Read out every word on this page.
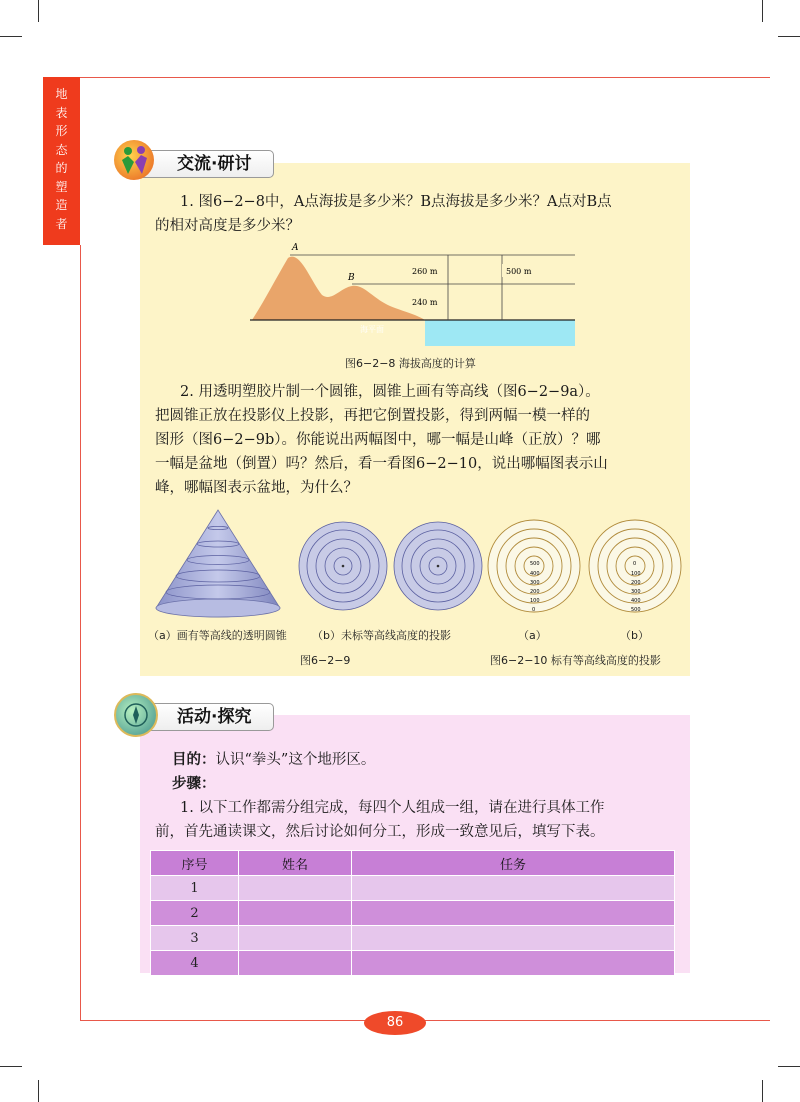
地
表
形
态
的
塑
造
者
交流·研讨
1. 图6−2−8中，A点海拔是多少米？B点海拔是多少米？A点对B点
的相对高度是多少米？
A
B
260 m
240 m
500 m
海平面
图6−2−8 海拔高度的计算
2. 用透明塑胶片制一个圆锥，圆锥上画有等高线（图6−2−9a）。
把圆锥正放在投影仪上投影，再把它倒置投影，得到两幅一模一样的
图形（图6−2−9b）。你能说出两幅图中，哪一幅是山峰（正放）？哪
一幅是盆地（倒置）吗？然后，看一看图6−2−10，说出哪幅图表示山
峰，哪幅图表示盆地，为什么？
500
400
300
200
100
0
0
100
200
300
400
500
（a）画有等高线的透明圆锥 （b）未标等高线高度的投影	（a）	（b）
图6−2−9	图6−2−10 标有等高线高度的投影
活动·探究
目的：认识“拳头”这个地形区。
步骤：
1. 以下工作都需分组完成，每四个人组成一组，请在进行具体工作
前，首先通读课文，然后讨论如何分工，形成一致意见后，填写下表。
序号	姓名	任务
1		
2		
3		
4		
86
